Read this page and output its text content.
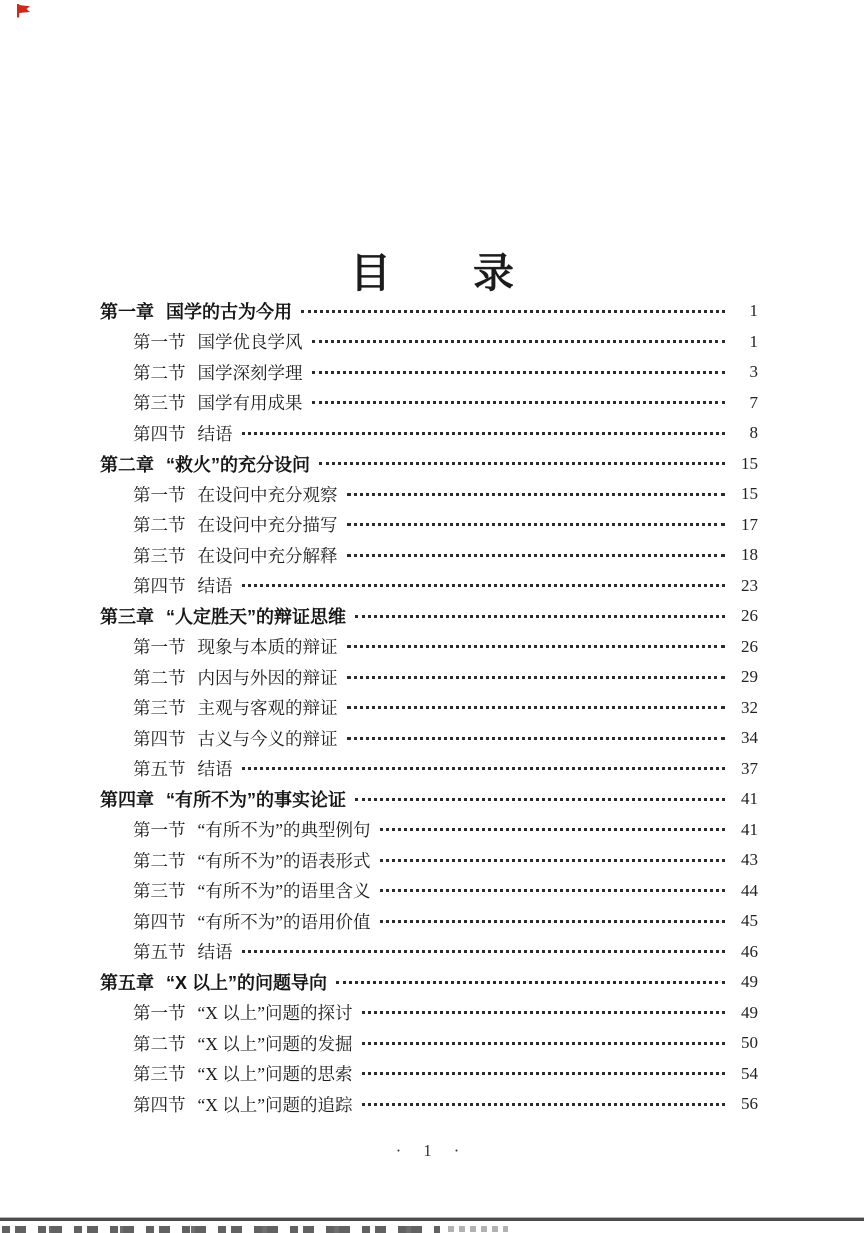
目　　录
第一章 国学的古为今用	1
第一节 国学优良学风	1
第二节 国学深刻学理	3
第三节 国学有用成果	7
第四节 结语	8
第二章 “救火”的充分设问	15
第一节 在设问中充分观察	15
第二节 在设问中充分描写	17
第三节 在设问中充分解释	18
第四节 结语	23
第三章 “人定胜天”的辩证思维	26
第一节 现象与本质的辩证	26
第二节 内因与外因的辩证	29
第三节 主观与客观的辩证	32
第四节 古义与今义的辩证	34
第五节 结语	37
第四章 “有所不为”的事实论证	41
第一节 “有所不为”的典型例句	41
第二节 “有所不为”的语表形式	43
第三节 “有所不为”的语里含义	44
第四节 “有所不为”的语用价值	45
第五节 结语	46
第五章 “X 以上”的问题导向	49
第一节 “X 以上”问题的探讨	49
第二节 “X 以上”问题的发掘	50
第三节 “X 以上”问题的思索	54
第四节 “X 以上”问题的追踪	56
· 1 ·
